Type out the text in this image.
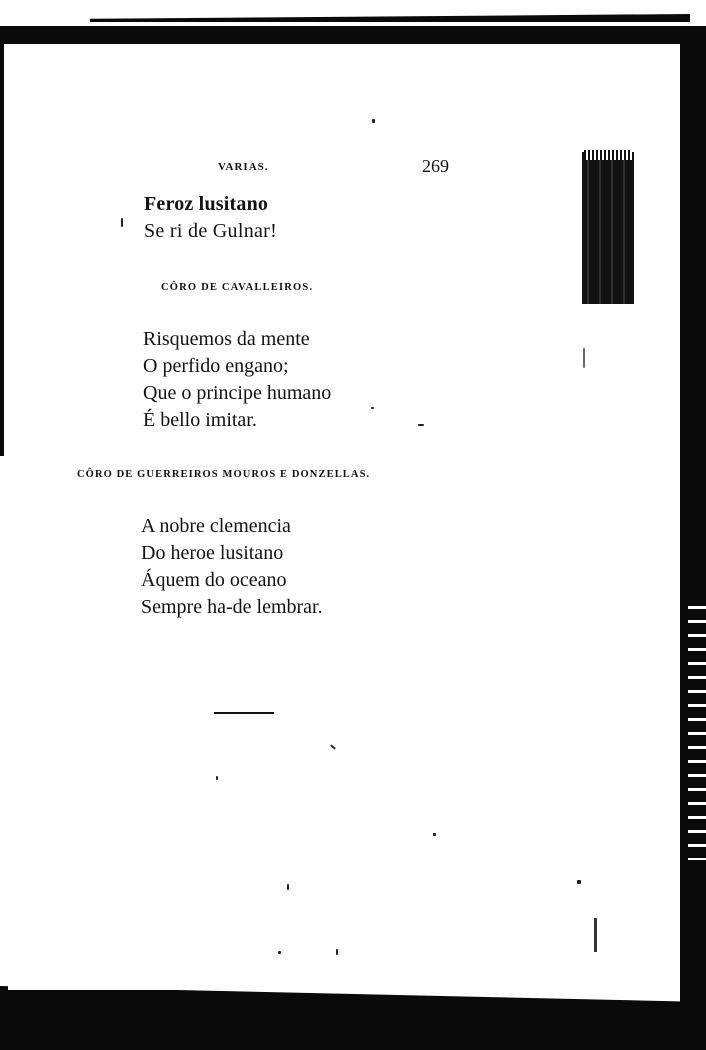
VARIAS.	269
Feroz lusitano
Se ri de Gulnar!
CÔRO DE CAVALLEIROS.
Risquemos da mente
O perfido engano;
Que o principe humano
É bello imitar.
CÔRO DE GUERREIROS MOUROS E DONZELLAS.
A nobre clemencia
Do heroe lusitano
Áquem do oceano
Sempre ha-de lembrar.
